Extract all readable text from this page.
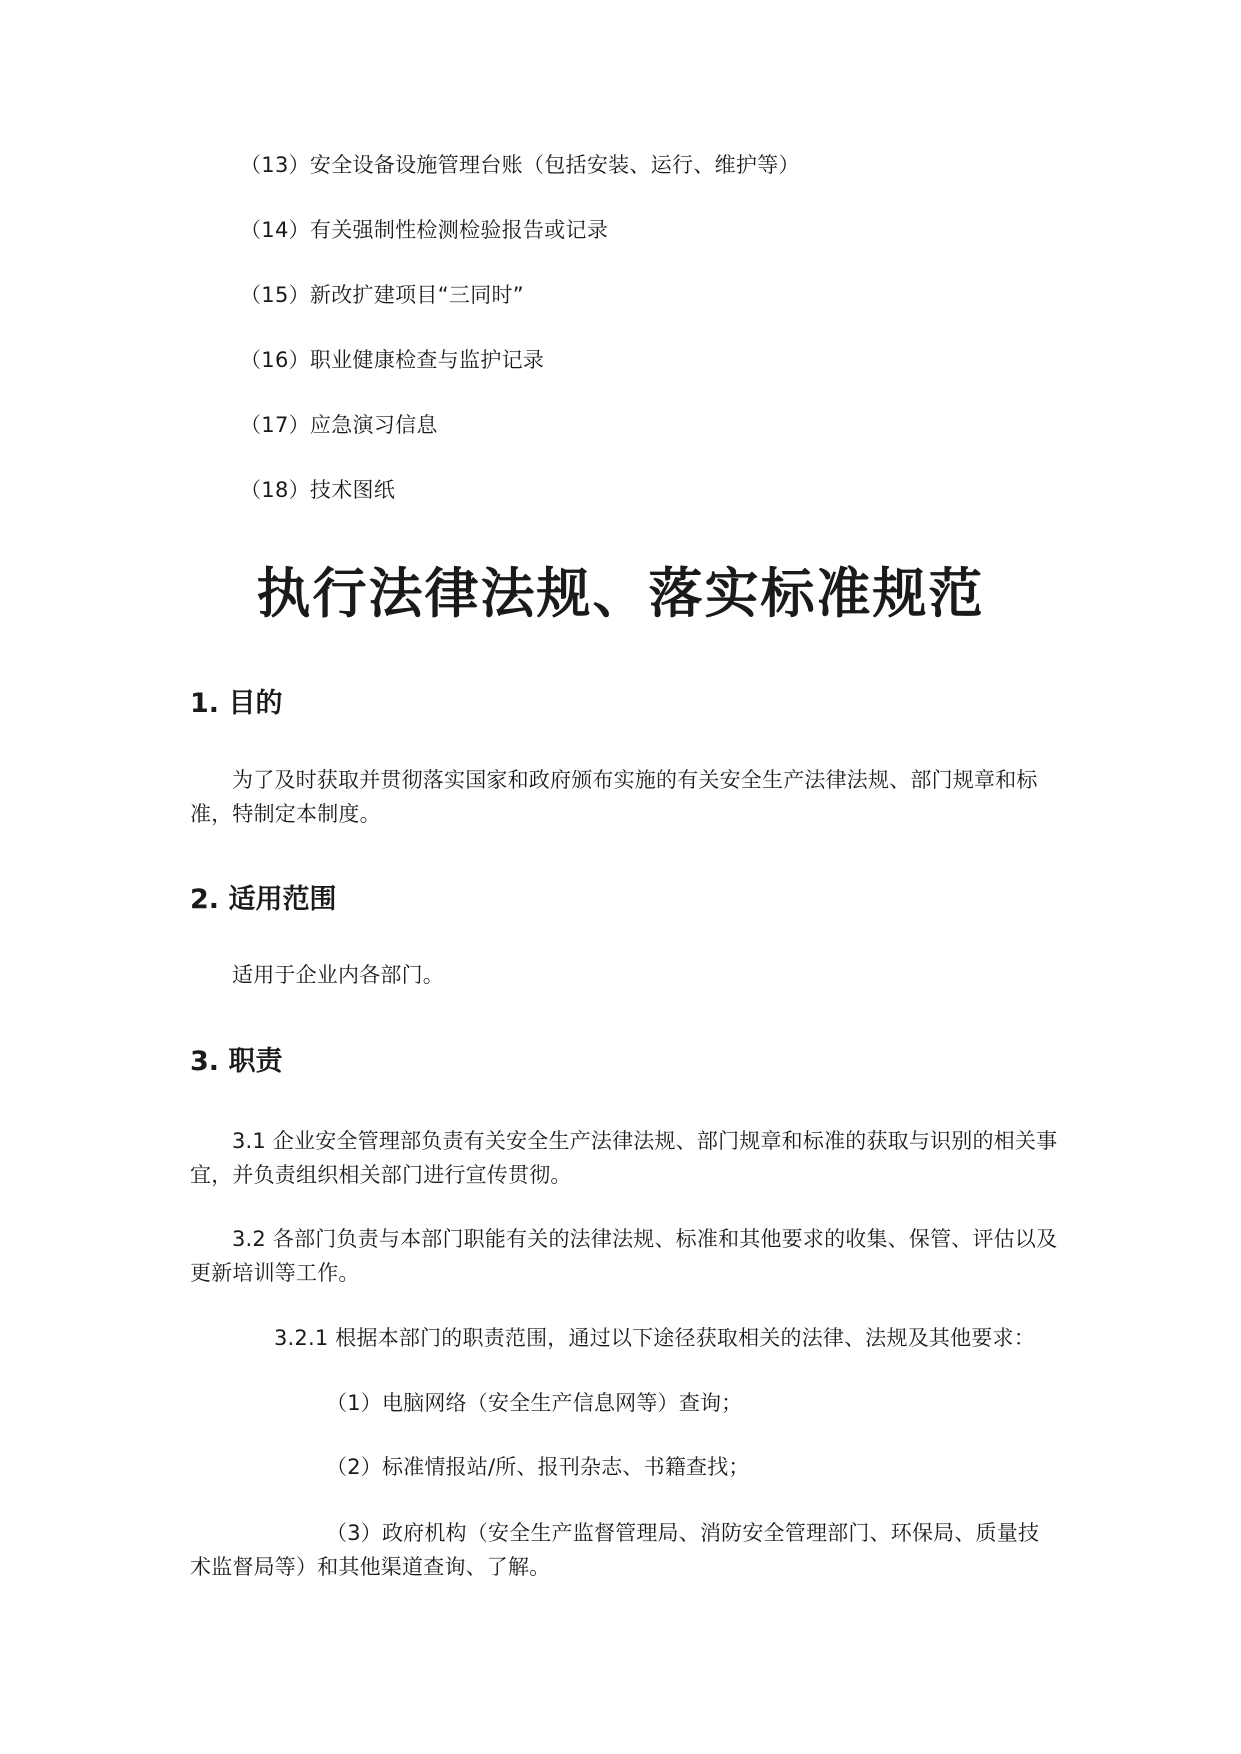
（13）安全设备设施管理台账（包括安装、运行、维护等）
（14）有关强制性检测检验报告或记录
（15）新改扩建项目“三同时”
（16）职业健康检查与监护记录
（17）应急演习信息
（18）技术图纸
执行法律法规、落实标准规范
1. 目的
为了及时获取并贯彻落实国家和政府颁布实施的有关安全生产法律法规、部门规章和标准，特制定本制度。
2. 适用范围
适用于企业内各部门。
3. 职责
3.1 企业安全管理部负责有关安全生产法律法规、部门规章和标准的获取与识别的相关事宜，并负责组织相关部门进行宣传贯彻。
3.2 各部门负责与本部门职能有关的法律法规、标准和其他要求的收集、保管、评估以及更新培训等工作。
3.2.1 根据本部门的职责范围，通过以下途径获取相关的法律、法规及其他要求：
（1）电脑网络（安全生产信息网等）查询；
（2）标准情报站/所、报刊杂志、书籍查找；
（3）政府机构（安全生产监督管理局、消防安全管理部门、环保局、质量技术监督局等）和其他渠道查询、了解。
